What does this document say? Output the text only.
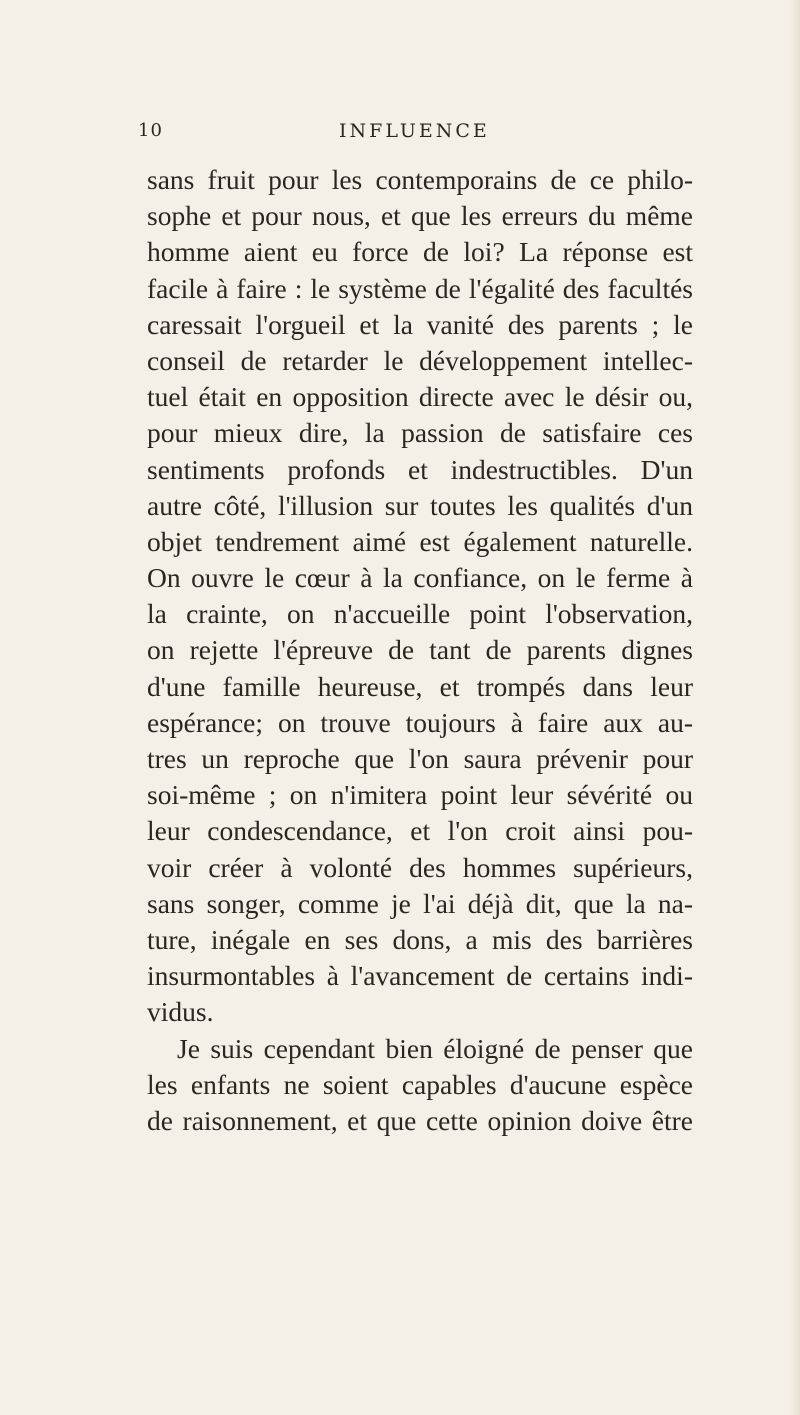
10	INFLUENCE
sans fruit pour les contemporains de ce philo-
sophe et pour nous, et que les erreurs du même
homme aient eu force de loi? La réponse est
facile à faire : le système de l'égalité des facultés
caressait l'orgueil et la vanité des parents ; le
conseil de retarder le développement intellec-
tuel était en opposition directe avec le désir ou,
pour mieux dire, la passion de satisfaire ces
sentiments profonds et indestructibles. D'un
autre côté, l'illusion sur toutes les qualités d'un
objet tendrement aimé est également naturelle.
On ouvre le cœur à la confiance, on le ferme à
la crainte, on n'accueille point l'observation,
on rejette l'épreuve de tant de parents dignes
d'une famille heureuse, et trompés dans leur
espérance; on trouve toujours à faire aux au-
tres un reproche que l'on saura prévenir pour
soi-même ; on n'imitera point leur sévérité ou
leur condescendance, et l'on croit ainsi pou-
voir créer à volonté des hommes supérieurs,
sans songer, comme je l'ai déjà dit, que la na-
ture, inégale en ses dons, a mis des barrières
insurmontables à l'avancement de certains indi-
vidus.
Je suis cependant bien éloigné de penser que
les enfants ne soient capables d'aucune espèce
de raisonnement, et que cette opinion doive être
